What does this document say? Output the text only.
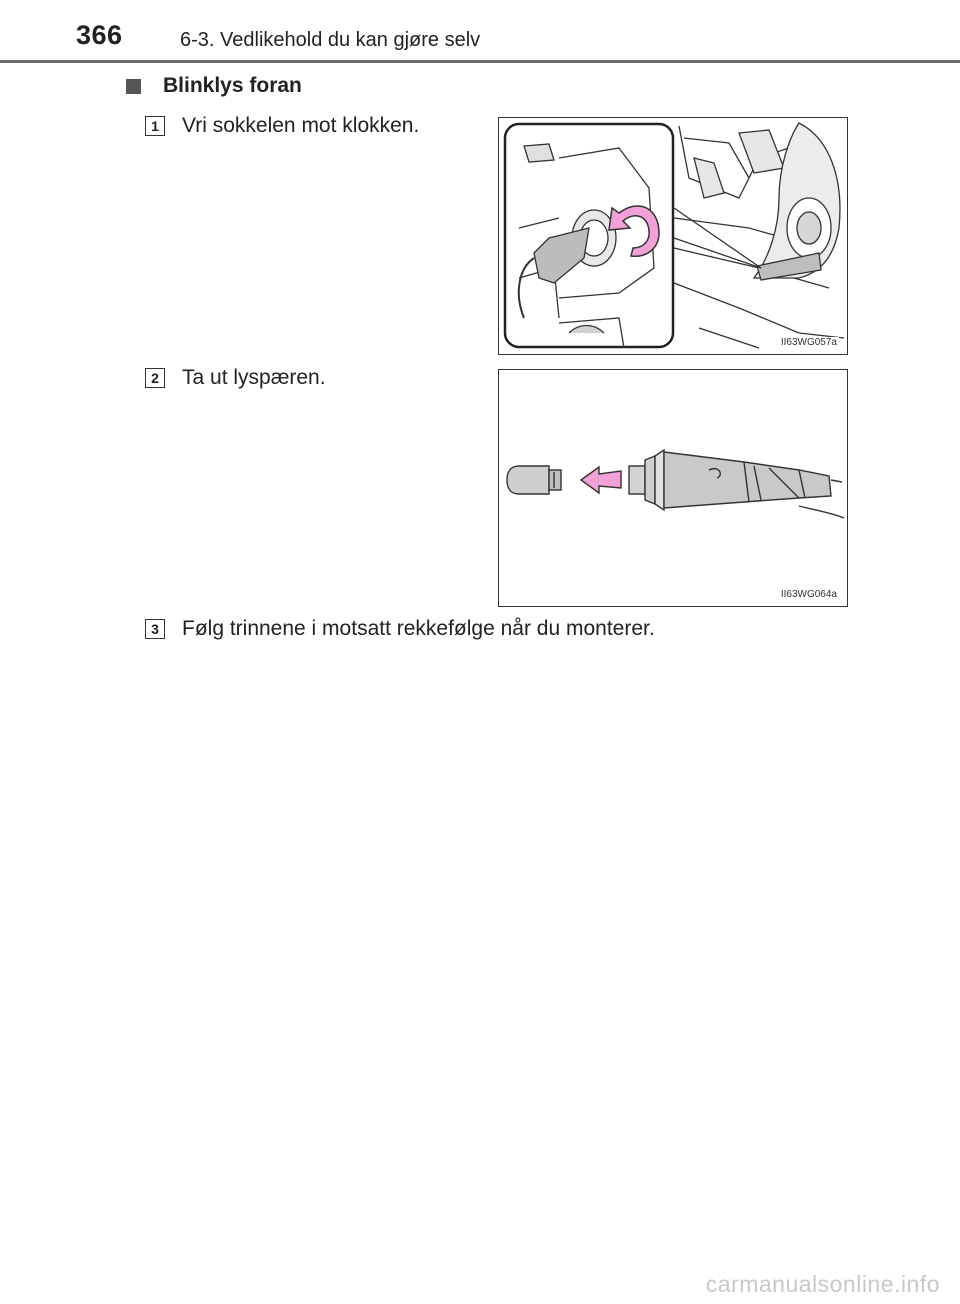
366	6-3. Vedlikehold du kan gjøre selv
Blinklys foran
1 Vri sokkelen mot klokken.
II63WG057a
2 Ta ut lyspæren.
II63WG064a
3 Følg trinnene i motsatt rekkefølge når du monterer.
carmanualsonline.info
